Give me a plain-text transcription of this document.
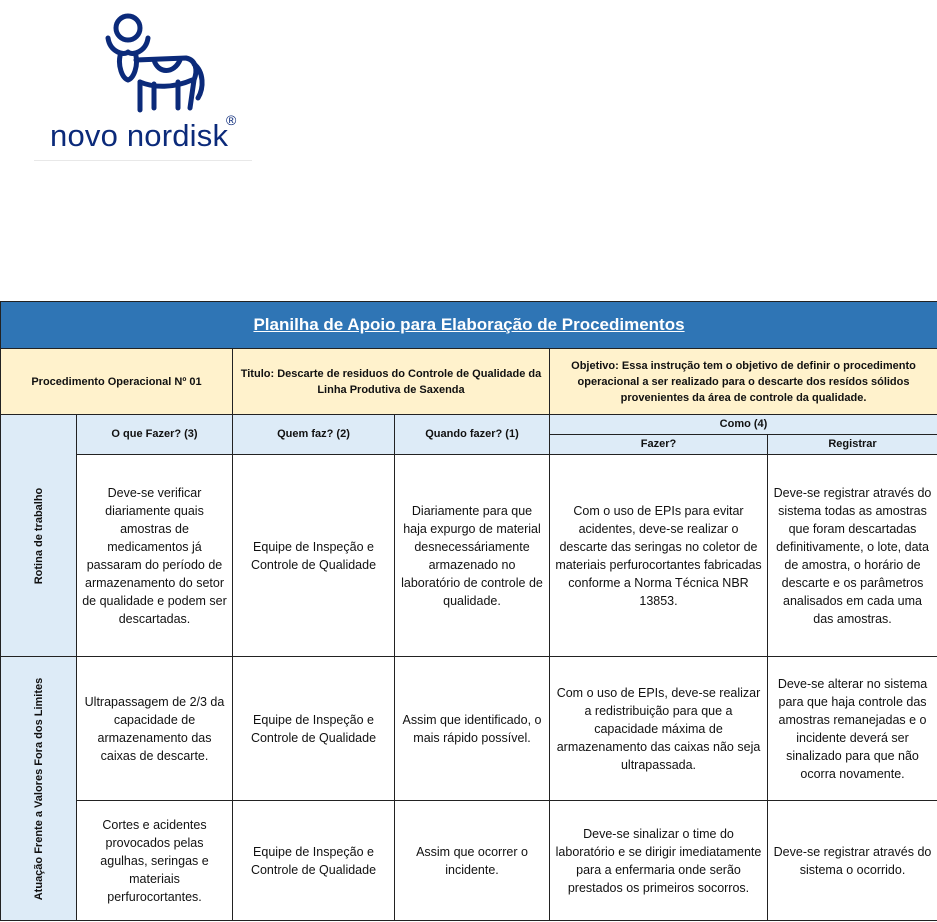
novo nordisk
®
Planilha de Apoio para Elaboração de Procedimentos					
Procedimento Operacional Nº 01		Titulo: Descarte de residuos do Controle de Qualidade da Linha Produtiva de Saxenda		Objetivo: Essa instrução tem o objetivo de definir o procedimento operacional a ser realizado para o descarte dos resídos sólidos provenientes da área de controle da qualidade.	

Rotina de trabalho	O que Fazer? (3)	Quem faz? (2)	Quando fazer? (1)	Como (4)	
				Fazer?	Registrar
	Deve-se verificar diariamente quais amostras de medicamentos já passaram do período de armazenamento do setor de qualidade e podem ser descartadas.	Equipe de Inspeção e Controle de Qualidade	Diariamente para que haja expurgo de material desnecessáriamente armazenado no laboratório de controle de qualidade.	Com o uso de EPIs para evitar acidentes, deve-se realizar o descarte das seringas no coletor de materiais perfurocortantes fabricadas conforme a Norma Técnica NBR 13853.	Deve-se registrar através do sistema todas as amostras que foram descartadas definitivamente, o lote, data de amostra, o horário de descarte e os parâmetros analisados em cada uma das amostras.

Atuação Frente a Valores Fora dos Limites	Ultrapassagem de 2/3 da capacidade de armazenamento das caixas de descarte.	Equipe de Inspeção e Controle de Qualidade	Assim que identificado, o mais rápido possível.	Com o uso de EPIs, deve-se realizar a redistribuição para que a capacidade máxima de armazenamento das caixas não seja ultrapassada.	Deve-se alterar no sistema para que haja controle das amostras remanejadas e o incidente deverá ser sinalizado para que não ocorra novamente.
	Cortes e acidentes provocados pelas agulhas, seringas e materiais perfurocortantes.	Equipe de Inspeção e Controle de Qualidade	Assim que ocorrer o incidente.	Deve-se sinalizar o time do laboratório e se dirigir imediatamente para a enfermaria onde serão prestados os primeiros socorros.	Deve-se registrar através do sistema o ocorrido.
